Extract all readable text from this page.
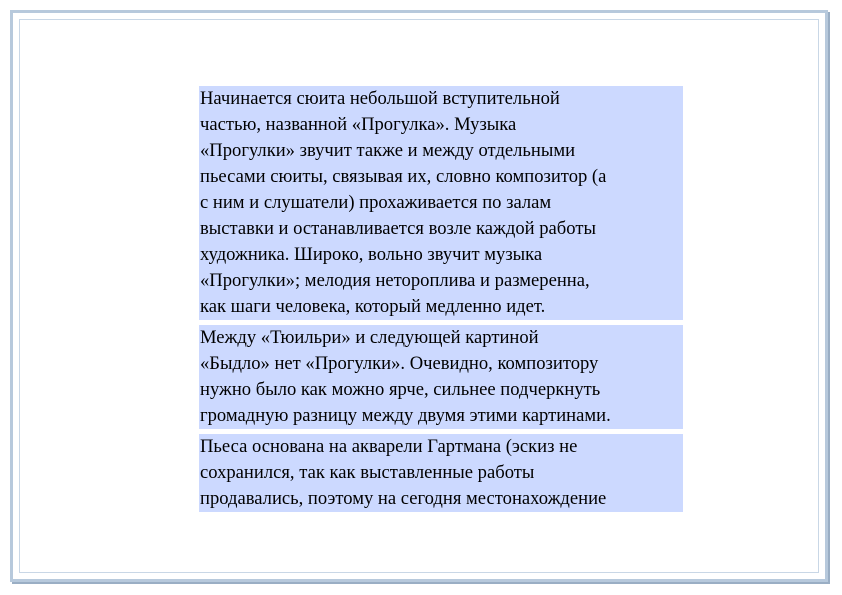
Начинается сюита небольшой вступительной
частью, названной «Прогулка». Музыка
«Прогулки» звучит также и между отдельными
пьесами сюиты, связывая их, словно композитор (а
с ним и слушатели) прохаживается по залам
выставки и останавливается возле каждой работы
художника. Широко, вольно звучит музыка
«Прогулки»; мелодия нетороплива и размеренна,
как шаги человека, который медленно идет.
Между «Тюильри» и следующей картиной
«Быдло» нет «Прогулки». Очевидно, композитору
нужно было как можно ярче, сильнее подчеркнуть
громадную разницу между двумя этими картинами.
Пьеса основана на акварели Гартмана (эскиз не
сохранился, так как выставленные работы
продавались, поэтому на сегодня местонахождение
